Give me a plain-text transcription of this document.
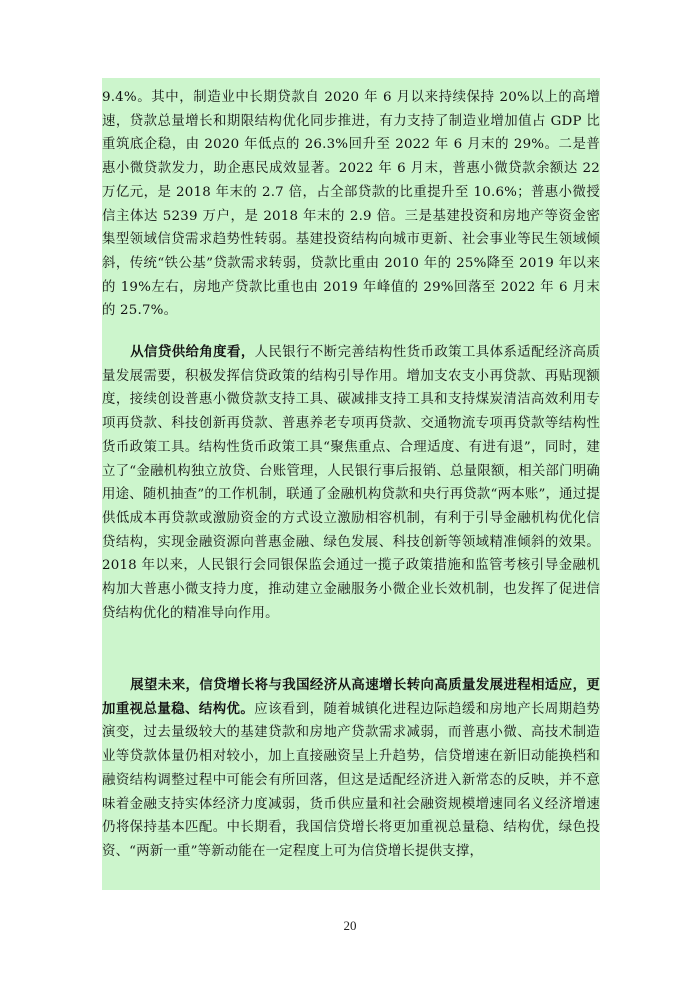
9.4%。其中，制造业中长期贷款自 2020 年 6 月以来持续保持 20%以上的高增速，贷款总量增长和期限结构优化同步推进，有力支持了制造业增加值占 GDP 比重筑底企稳，由 2020 年低点的 26.3%回升至 2022 年 6 月末的 29%。二是普惠小微贷款发力，助企惠民成效显著。2022 年 6 月末，普惠小微贷款余额达 22 万亿元，是 2018 年末的 2.7 倍，占全部贷款的比重提升至 10.6%；普惠小微授信主体达 5239 万户，是 2018 年末的 2.9 倍。三是基建投资和房地产等资金密集型领域信贷需求趋势性转弱。基建投资结构向城市更新、社会事业等民生领域倾斜，传统“铁公基”贷款需求转弱，贷款比重由 2010 年的 25%降至 2019 年以来的 19%左右，房地产贷款比重也由 2019 年峰值的 29%回落至 2022 年 6 月末的 25.7%。

从信贷供给角度看，人民银行不断完善结构性货币政策工具体系适配经济高质量发展需要，积极发挥信贷政策的结构引导作用。增加支农支小再贷款、再贴现额度，接续创设普惠小微贷款支持工具、碳减排支持工具和支持煤炭清洁高效利用专项再贷款、科技创新再贷款、普惠养老专项再贷款、交通物流专项再贷款等结构性货币政策工具。结构性货币政策工具“聚焦重点、合理适度、有进有退”，同时，建立了“金融机构独立放贷、台账管理，人民银行事后报销、总量限额，相关部门明确用途、随机抽查”的工作机制，联通了金融机构贷款和央行再贷款“两本账”，通过提供低成本再贷款或激励资金的方式设立激励相容机制，有利于引导金融机构优化信贷结构，实现金融资源向普惠金融、绿色发展、科技创新等领域精准倾斜的效果。2018 年以来，人民银行会同银保监会通过一揽子政策措施和监管考核引导金融机构加大普惠小微支持力度，推动建立金融服务小微企业长效机制，也发挥了促进信贷结构优化的精准导向作用。

展望未来，信贷增长将与我国经济从高速增长转向高质量发展进程相适应，更加重视总量稳、结构优。应该看到，随着城镇化进程边际趋缓和房地产长周期趋势演变，过去量级较大的基建贷款和房地产贷款需求减弱，而普惠小微、高技术制造业等贷款体量仍相对较小，加上直接融资呈上升趋势，信贷增速在新旧动能换档和融资结构调整过程中可能会有所回落，但这是适配经济进入新常态的反映，并不意味着金融支持实体经济力度减弱，货币供应量和社会融资规模增速同名义经济增速仍将保持基本匹配。中长期看，我国信贷增长将更加重视总量稳、结构优，绿色投资、“两新一重”等新动能在一定程度上可为信贷增长提供支撑，

20
